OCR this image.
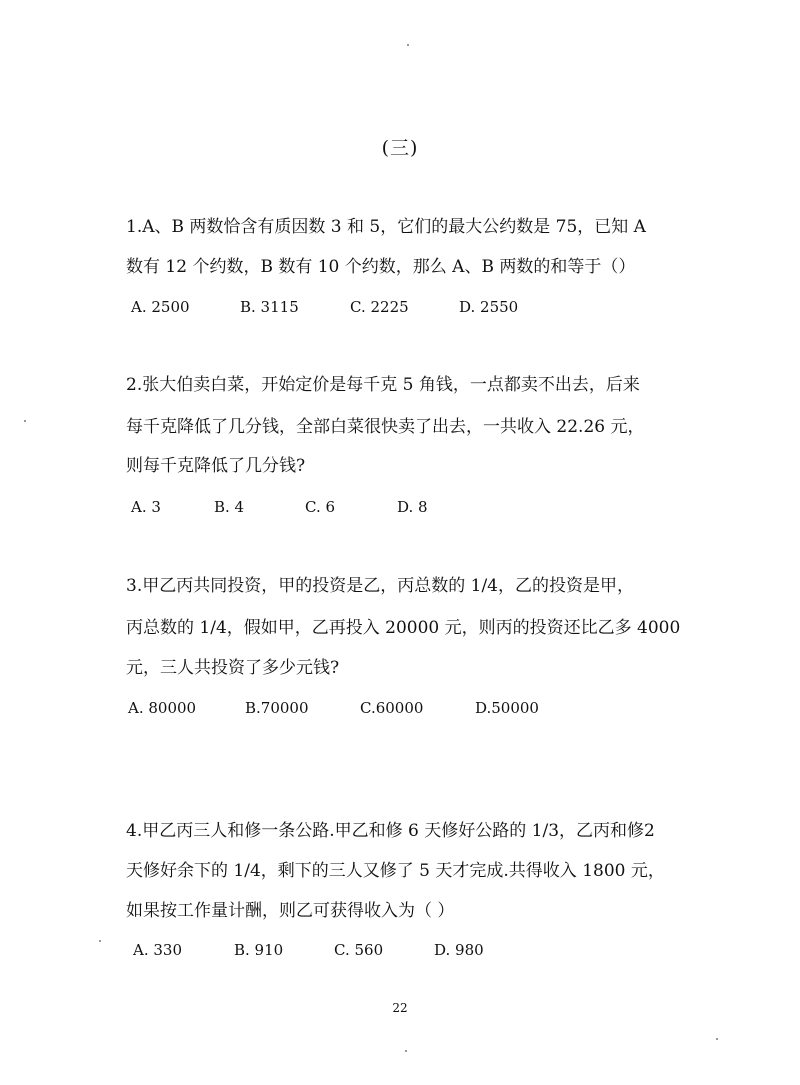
(三)
1.A、B 两数恰含有质因数 3 和 5，它们的最大公约数是 75，已知 A
数有 12 个约数，B 数有 10 个约数，那么 A、B 两数的和等于（）
A. 2500	B. 3115	C. 2225	D. 2550
2.张大伯卖白菜，开始定价是每千克 5 角钱，一点都卖不出去，后来
每千克降低了几分钱，全部白菜很快卖了出去，一共收入 22.26 元，
则每千克降低了几分钱?
A. 3	B. 4	C. 6	D. 8
3.甲乙丙共同投资，甲的投资是乙，丙总数的 1/4，乙的投资是甲，
丙总数的 1/4，假如甲，乙再投入 20000 元，则丙的投资还比乙多 4000
元，三人共投资了多少元钱?
A. 80000	B.70000	C.60000	D.50000
4.甲乙丙三人和修一条公路.甲乙和修 6 天修好公路的 1/3，乙丙和修2
天修好余下的 1/4，剩下的三人又修了 5 天才完成.共得收入 1800 元，
如果按工作量计酬，则乙可获得收入为（ ）
A. 330	B. 910	C. 560	D. 980
22
